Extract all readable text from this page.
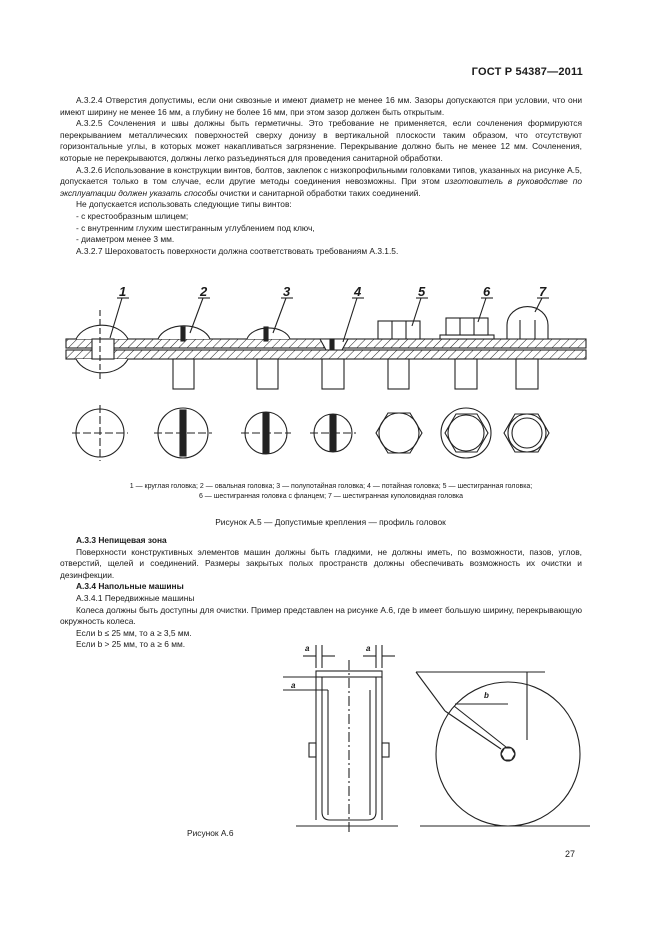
ГОСТ Р 54387—2011

А.3.2.4 Отверстия допустимы, если они сквозные и имеют диаметр не менее 16 мм. Зазоры допускаются при условии, что они имеют ширину не менее 16 мм, а глубину не более 16 мм, при этом зазор должен быть открытым.

А.3.2.5 Сочленения и швы должны быть герметичны. Это требование не применяется, если сочленения формируются перекрыванием металлических поверхностей сверху донизу в вертикальной плоскости таким образом, что отсутствуют горизонтальные углы, в которых может накапливаться загрязнение. Перекрывание должно быть не менее 12 мм. Сочленения, которые не перекрываются, должны легко разъединяться для проведения санитарной обработки.

А.3.2.6 Использование в конструкции винтов, болтов, заклепок с низкопрофильными головками типов, указанных на рисунке А.5, допускается только в том случае, если другие методы соединения невозможны. При этом изготовитель в руководстве по эксплуатации должен указать способы очистки и санитарной обработки таких соединений.

Не допускается использовать следующие типы винтов:

- с крестообразным шлицем;

- с внутренним глухим шестигранным углублением под ключ,

- диаметром менее 3 мм.

А.3.2.7 Шероховатость поверхности должна соответствовать требованиям А.3.1.5.

1	2	3	4	5	6	7
1 — круглая головка; 2 — овальная головка; 3 — полупотайная головка; 4 — потайная головка; 5 — шестигранная головка;
6 — шестигранная головка с фланцем; 7 — шестигранная куполовидная головка
Рисунок А.5 — Допустимые крепления — профиль головок

А.3.3 Непищевая зона

Поверхности конструктивных элементов машин должны быть гладкими, не должны иметь, по возможности, пазов, углов, отверстий, щелей и соединений. Размеры закрытых полых пространств должны обеспечивать возможность их очистки и дезинфекции.

А.3.4 Напольные машины

А.3.4.1 Передвижные машины

Колеса должны быть доступны для очистки. Пример представлен на рисунке А.6, где b имеет большую ширину, перекрывающую окружность колеса.

Если b ≤ 25 мм, то a ≥ 3,5 мм.

Если b > 25 мм, то a ≥ 6 мм.	a	a
a
b
Рисунок А.6
27
